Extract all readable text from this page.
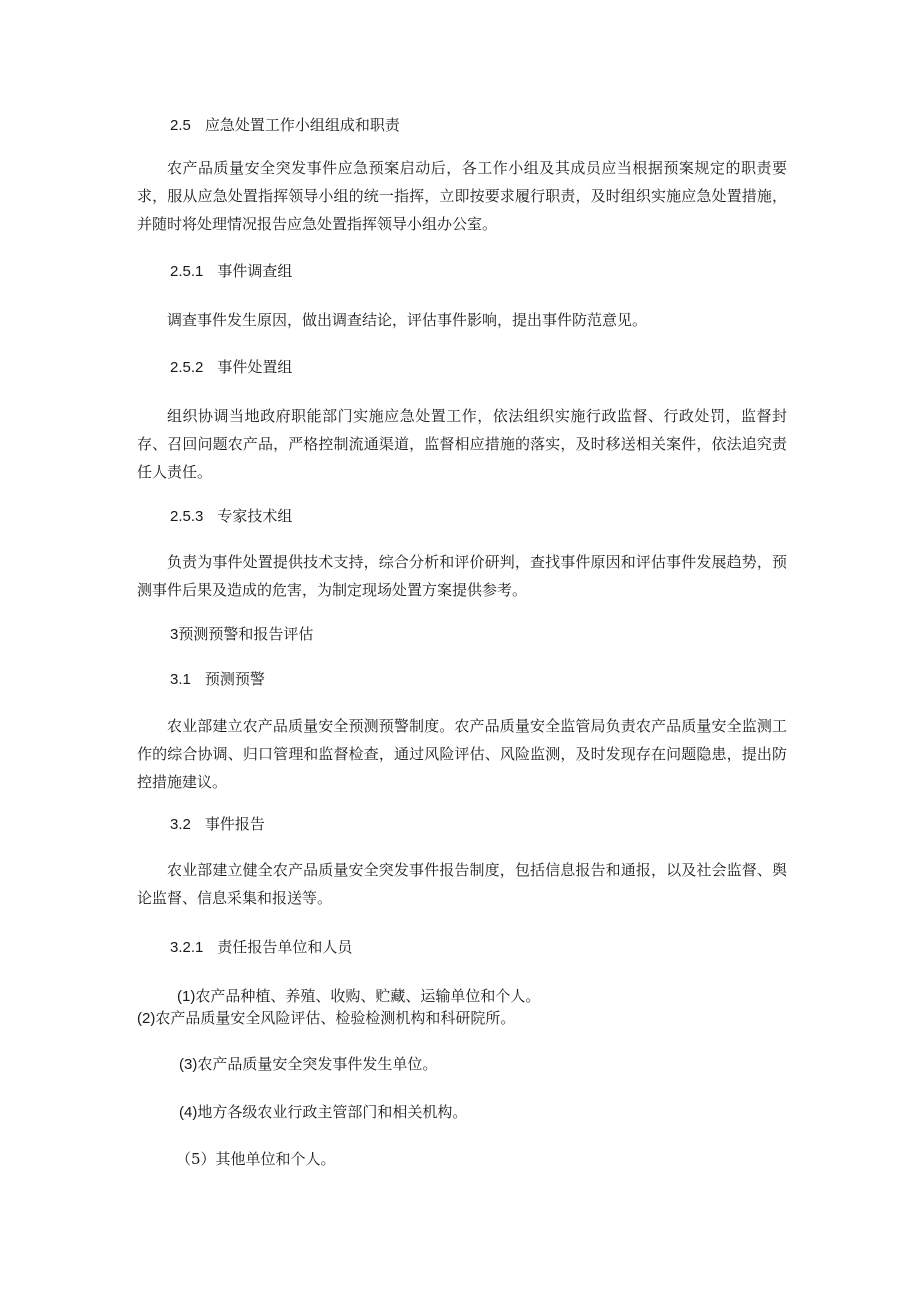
2.5 应急处置工作小组组成和职责

农产品质量安全突发事件应急预案启动后，各工作小组及其成员应当根据预案规定的职责要求，服从应急处置指挥领导小组的统一指挥，立即按要求履行职责，及时组织实施应急处置措施，并随时将处理情况报告应急处置指挥领导小组办公室。

2.5.1 事件调查组

调查事件发生原因，做出调查结论，评估事件影响，提出事件防范意见。

2.5.2 事件处置组

组织协调当地政府职能部门实施应急处置工作，依法组织实施行政监督、行政处罚，监督封存、召回问题农产品，严格控制流通渠道，监督相应措施的落实，及时移送相关案件，依法追究责任人责任。

2.5.3 专家技术组

负责为事件处置提供技术支持，综合分析和评价研判，查找事件原因和评估事件发展趋势，预测事件后果及造成的危害，为制定现场处置方案提供参考。

3预测预警和报告评估

3.1 预测预警

农业部建立农产品质量安全预测预警制度。农产品质量安全监管局负责农产品质量安全监测工作的综合协调、归口管理和监督检查，通过风险评估、风险监测，及时发现存在问题隐患，提出防控措施建议。

3.2 事件报告

农业部建立健全农产品质量安全突发事件报告制度，包括信息报告和通报，以及社会监督、舆论监督、信息采集和报送等。

3.2.1 责任报告单位和人员

(1)农产品种植、养殖、收购、贮藏、运输单位和个人。

(2)农产品质量安全风险评估、检验检测机构和科研院所。

(3)农产品质量安全突发事件发生单位。

(4)地方各级农业行政主管部门和相关机构。

（5）其他单位和个人。
